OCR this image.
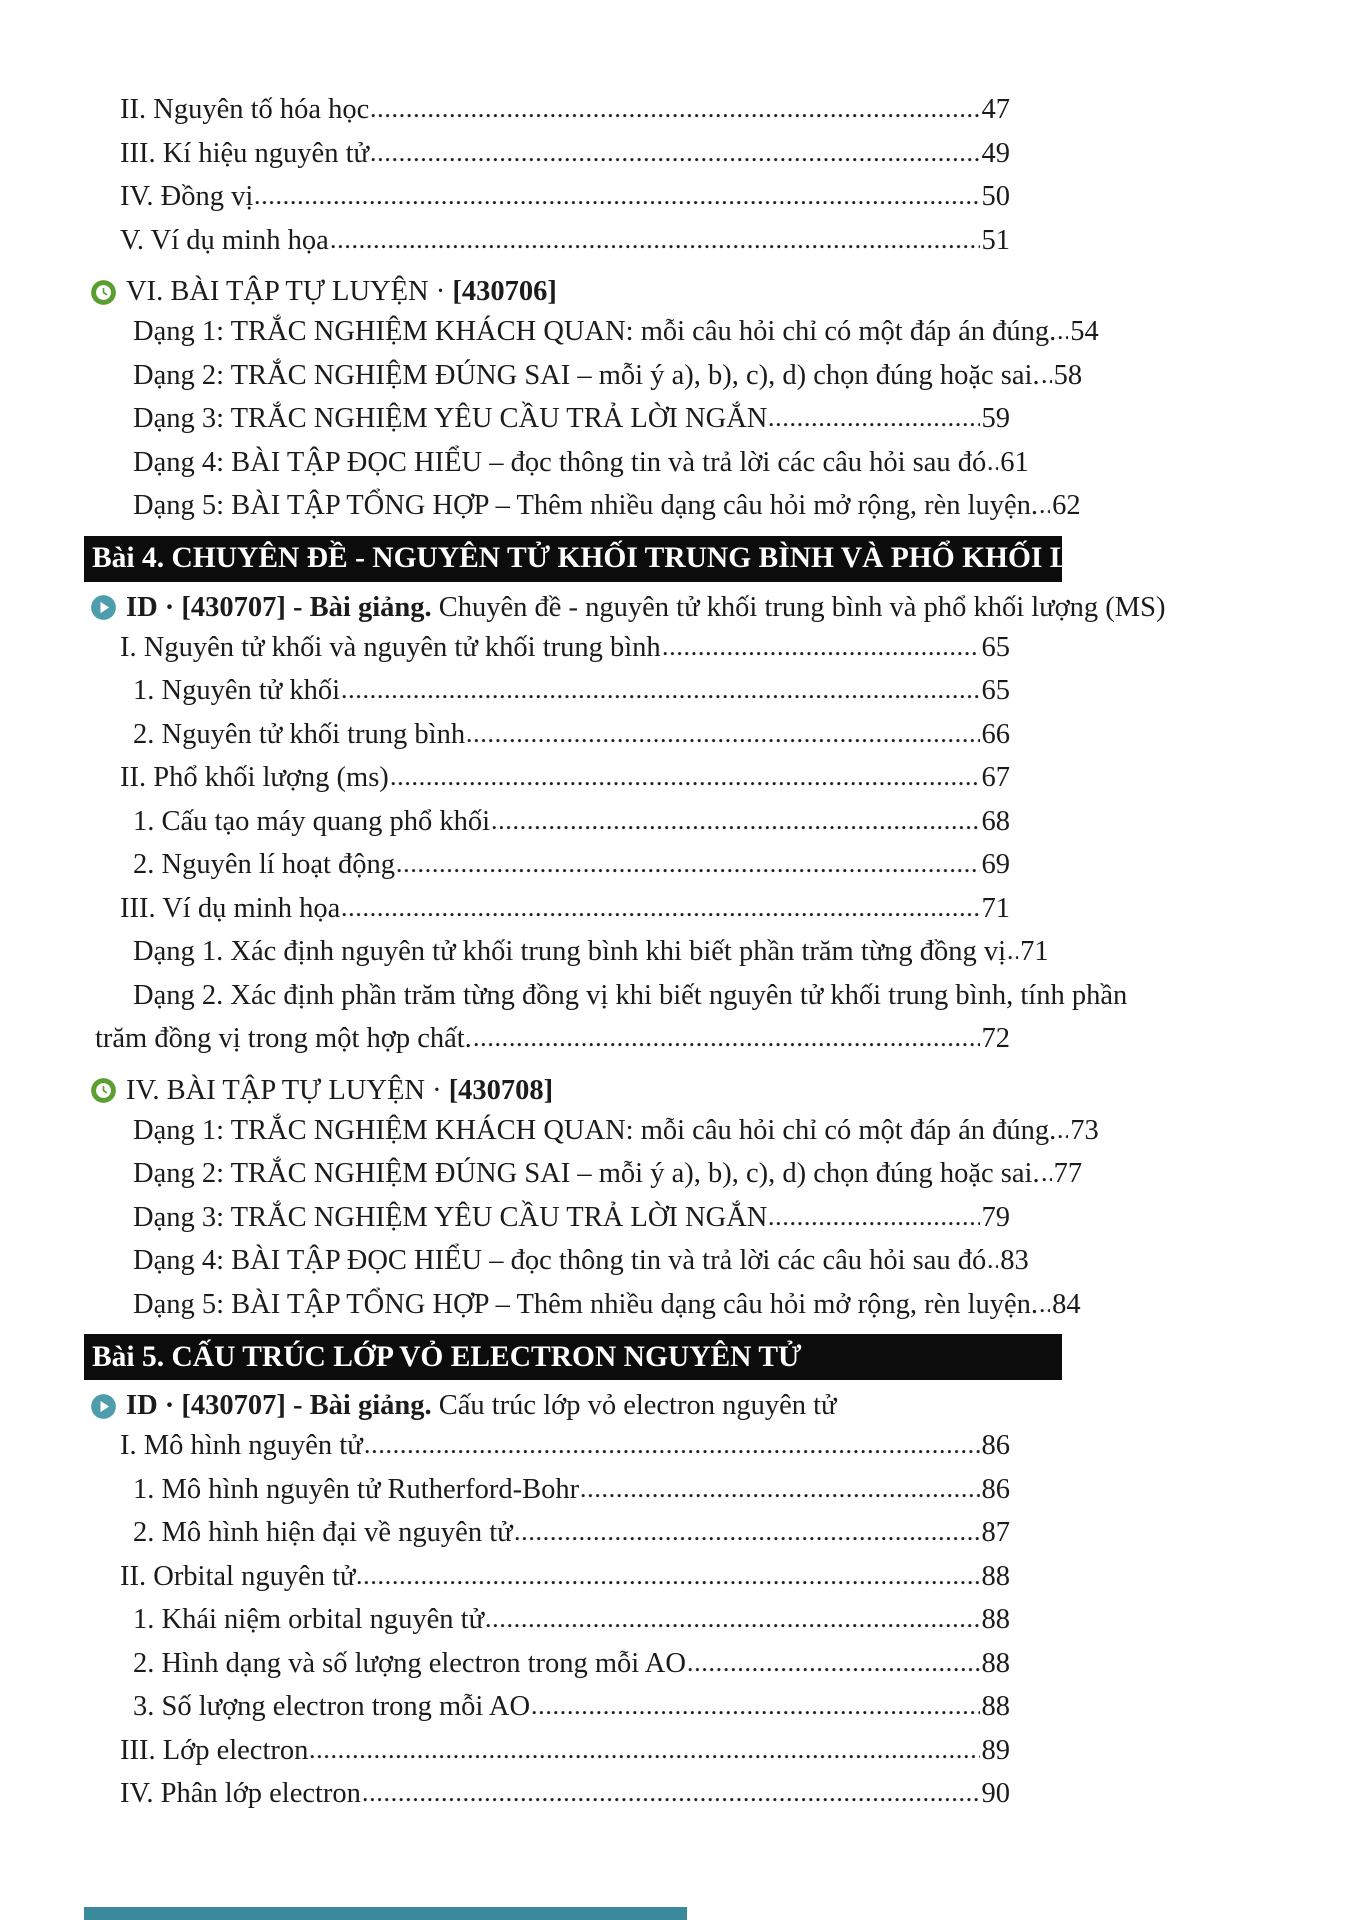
II. Nguyên tố hóa học	47
III. Kí hiệu nguyên tử	49
IV. Đồng vị	50
V. Ví dụ minh họa	51
VI. BÀI TẬP TỰ LUYỆN · [430706]
Dạng 1: TRẮC NGHIỆM KHÁCH QUAN: mỗi câu hỏi chỉ có một đáp án đúng. 54
Dạng 2: TRẮC NGHIỆM ĐÚNG SAI – mỗi ý a), b), c), d) chọn đúng hoặc sai. 58
Dạng 3: TRẮC NGHIỆM YÊU CẦU TRẢ LỜI NGẮN	59
Dạng 4: BÀI TẬP ĐỌC HIỂU – đọc thông tin và trả lời các câu hỏi sau đó 61
Dạng 5: BÀI TẬP TỔNG HỢP – Thêm nhiều dạng câu hỏi mở rộng, rèn luyện. 62
Bài 4. CHUYÊN ĐỀ - NGUYÊN TỬ KHỐI TRUNG BÌNH VÀ PHỔ KHỐI LƯỢNG (MS)
ID · [430707] - Bài giảng. Chuyên đề - nguyên tử khối trung bình và phổ khối lượng (MS)
I. Nguyên tử khối và nguyên tử khối trung bình	65
1. Nguyên tử khối	65
2. Nguyên tử khối trung bình	66
II. Phổ khối lượng (ms)	67
1. Cấu tạo máy quang phổ khối	68
2. Nguyên lí hoạt động	69
III. Ví dụ minh họa	71
Dạng 1. Xác định nguyên tử khối trung bình khi biết phần trăm từng đồng vị 71
Dạng 2. Xác định phần trăm từng đồng vị khi biết nguyên tử khối trung bình, tính phần
trăm đồng vị trong một hợp chất.	72
IV. BÀI TẬP TỰ LUYỆN · [430708]
Dạng 1: TRẮC NGHIỆM KHÁCH QUAN: mỗi câu hỏi chỉ có một đáp án đúng. 73
Dạng 2: TRẮC NGHIỆM ĐÚNG SAI – mỗi ý a), b), c), d) chọn đúng hoặc sai. 77
Dạng 3: TRẮC NGHIỆM YÊU CẦU TRẢ LỜI NGẮN	79
Dạng 4: BÀI TẬP ĐỌC HIỂU – đọc thông tin và trả lời các câu hỏi sau đó 83
Dạng 5: BÀI TẬP TỔNG HỢP – Thêm nhiều dạng câu hỏi mở rộng, rèn luyện. 84
Bài 5. CẤU TRÚC LỚP VỎ ELECTRON NGUYÊN TỬ
ID · [430707] - Bài giảng. Cấu trúc lớp vỏ electron nguyên tử
I. Mô hình nguyên tử	86
1. Mô hình nguyên tử Rutherford-Bohr	86
2. Mô hình hiện đại về nguyên tử	87
II. Orbital nguyên tử	88
1. Khái niệm orbital nguyên tử	88
2. Hình dạng và số lượng electron trong mỗi AO	88
3. Số lượng electron trong mỗi AO	88
III. Lớp electron	89
IV. Phân lớp electron	90
